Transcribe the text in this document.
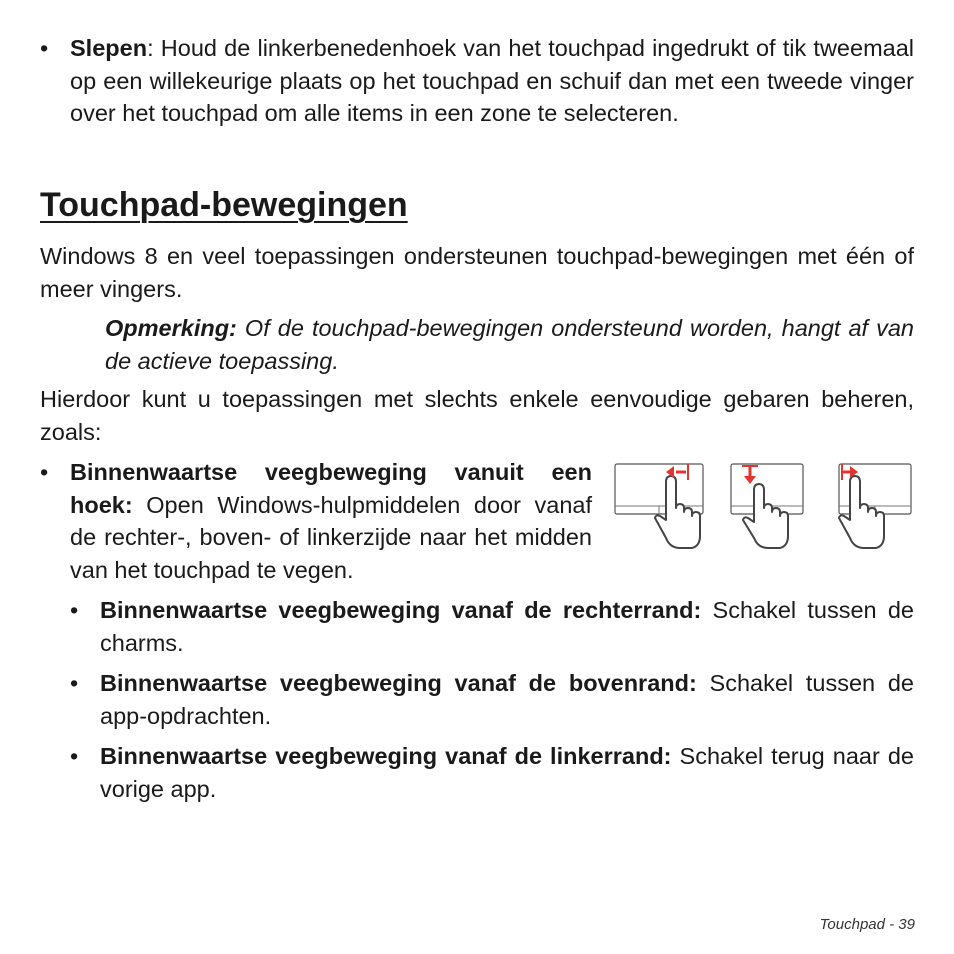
• Slepen: Houd de linkerbenedenhoek van het touchpad ingedrukt of tik tweemaal op een willekeurige plaats op het touchpad en schuif dan met een tweede vinger over het touchpad om alle items in een zone te selecteren.

Touchpad-bewegingen

Windows 8 en veel toepassingen ondersteunen touchpad-bewegingen met één of meer vingers.

Opmerking: Of de touchpad-bewegingen ondersteund worden, hangt af van de actieve toepassing.

Hierdoor kunt u toepassingen met slechts enkele eenvoudige gebaren beheren, zoals:

• Binnenwaartse veegbeweging vanuit een hoek: Open Windows-hulpmiddelen door vanaf de rechter-, boven- of linkerzijde naar het midden van het touchpad te vegen.

• Binnenwaartse veegbeweging vanaf de rechterrand: Schakel tussen de charms.

• Binnenwaartse veegbeweging vanaf de bovenrand: Schakel tussen de app-opdrachten.

• Binnenwaartse veegbeweging vanaf de linkerrand: Schakel terug naar de vorige app.

Touchpad - 39
